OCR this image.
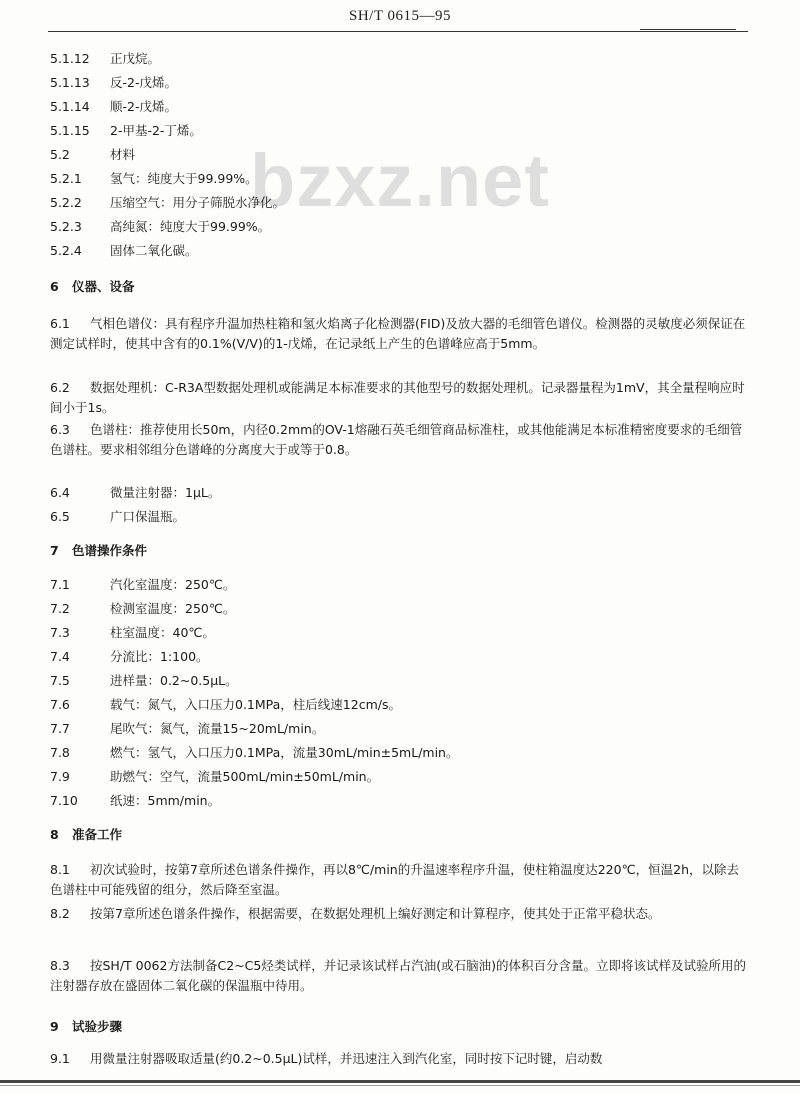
SH/T 0615—95
bzxz.net
5.1.12 正戊烷。
5.1.13 反-2-戊烯。
5.1.14 顺-2-戊烯。
5.1.15 2-甲基-2-丁烯。
5.2	材料
5.2.1 氢气：纯度大于99.99%。
5.2.2 压缩空气：用分子筛脱水净化。
5.2.3 高纯氮：纯度大于99.99%。
5.2.4 固体二氧化碳。
6 仪器、设备
6.1 气相色谱仪：具有程序升温加热柱箱和氢火焰离子化检测器(FID)及放大器的毛细管色谱仪。检测器的灵敏度必须保证在测定试样时，使其中含有的0.1%(V/V)的1-戊烯，在记录纸上产生的色谱峰应高于5mm。
6.2 数据处理机：C-R3A型数据处理机或能满足本标准要求的其他型号的数据处理机。记录器量程为1mV，其全量程响应时间小于1s。
6.3 色谱柱：推荐使用长50m，内径0.2mm的OV-1熔融石英毛细管商品标准柱，或其他能满足本标准精密度要求的毛细管色谱柱。要求相邻组分色谱峰的分离度大于或等于0.8。
6.4	微量注射器：1μL。
6.5	广口保温瓶。
7 色谱操作条件
7.1	汽化室温度：250℃。
7.2	检测室温度：250℃。
7.3	柱室温度：40℃。
7.4	分流比：1:100。
7.5	进样量：0.2~0.5μL。
7.6	载气：氮气，入口压力0.1MPa，柱后线速12cm/s。
7.7	尾吹气：氮气，流量15~20mL/min。
7.8	燃气：氢气，入口压力0.1MPa，流量30mL/min±5mL/min。
7.9	助燃气：空气，流量500mL/min±50mL/min。
7.10	纸速：5mm/min。
8 准备工作
8.1 初次试验时，按第7章所述色谱条件操作，再以8℃/min的升温速率程序升温，使柱箱温度达220℃，恒温2h，以除去色谱柱中可能残留的组分，然后降至室温。
8.2 按第7章所述色谱条件操作，根据需要，在数据处理机上编好测定和计算程序，使其处于正常平稳状态。
8.3 按SH/T 0062方法制备C2~C5烃类试样，并记录该试样占汽油(或石脑油)的体积百分含量。立即将该试样及试验所用的注射器存放在盛固体二氧化碳的保温瓶中待用。
9 试验步骤
9.1 用微量注射器吸取适量(约0.2~0.5μL)试样，并迅速注入到汽化室，同时按下记时键，启动数
